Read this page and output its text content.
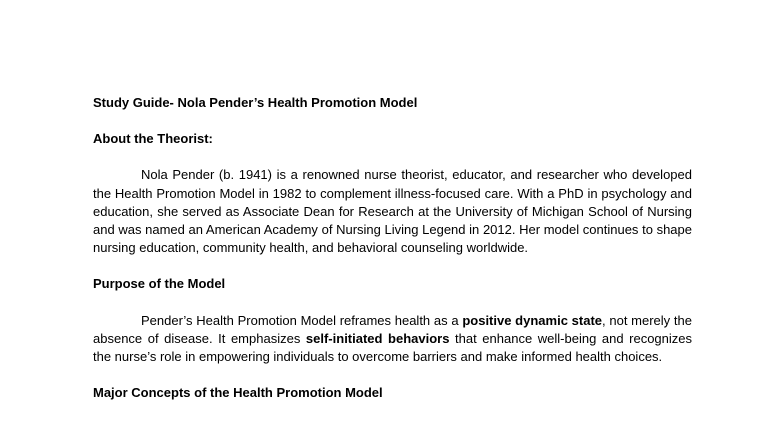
Study Guide- Nola Pender’s Health Promotion Model

About the Theorist:

Nola Pender (b. 1941) is a renowned nurse theorist, educator, and researcher who developed the Health Promotion Model in 1982 to complement illness-focused care. With a PhD in psychology and education, she served as Associate Dean for Research at the University of Michigan School of Nursing and was named an American Academy of Nursing Living Legend in 2012. Her model continues to shape nursing education, community health, and behavioral counseling worldwide.

Purpose of the Model

Pender’s Health Promotion Model reframes health as a positive dynamic state, not merely the absence of disease. It emphasizes self-initiated behaviors that enhance well-being and recognizes the nurse’s role in empowering individuals to overcome barriers and make informed health choices.

Major Concepts of the Health Promotion Model
